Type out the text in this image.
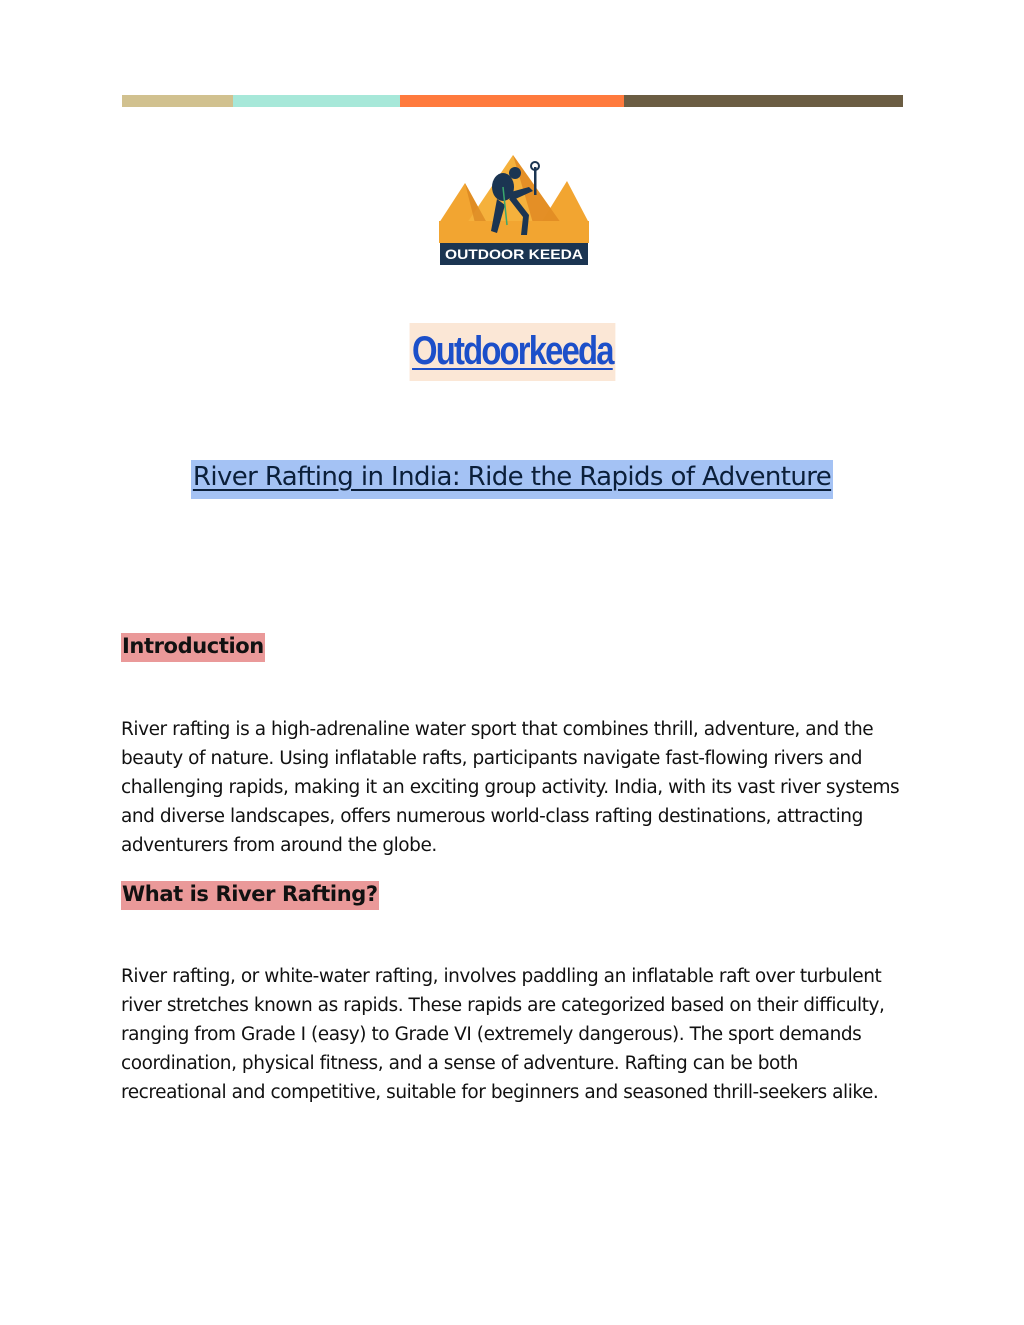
OUTDOOR KEEDA
Outdoorkeeda
River Rafting in India: Ride the Rapids of Adventure
Introduction

River rafting is a high-adrenaline water sport that combines thrill, adventure, and the beauty of nature. Using inflatable rafts, participants navigate fast-flowing rivers and challenging rapids, making it an exciting group activity. India, with its vast river systems and diverse landscapes, offers numerous world-class rafting destinations, attracting adventurers from around the globe.

What is River Rafting?

River rafting, or white-water rafting, involves paddling an inflatable raft over turbulent river stretches known as rapids. These rapids are categorized based on their difficulty, ranging from Grade I (easy) to Grade VI (extremely dangerous). The sport demands coordination, physical fitness, and a sense of adventure. Rafting can be both recreational and competitive, suitable for beginners and seasoned thrill-seekers alike.
